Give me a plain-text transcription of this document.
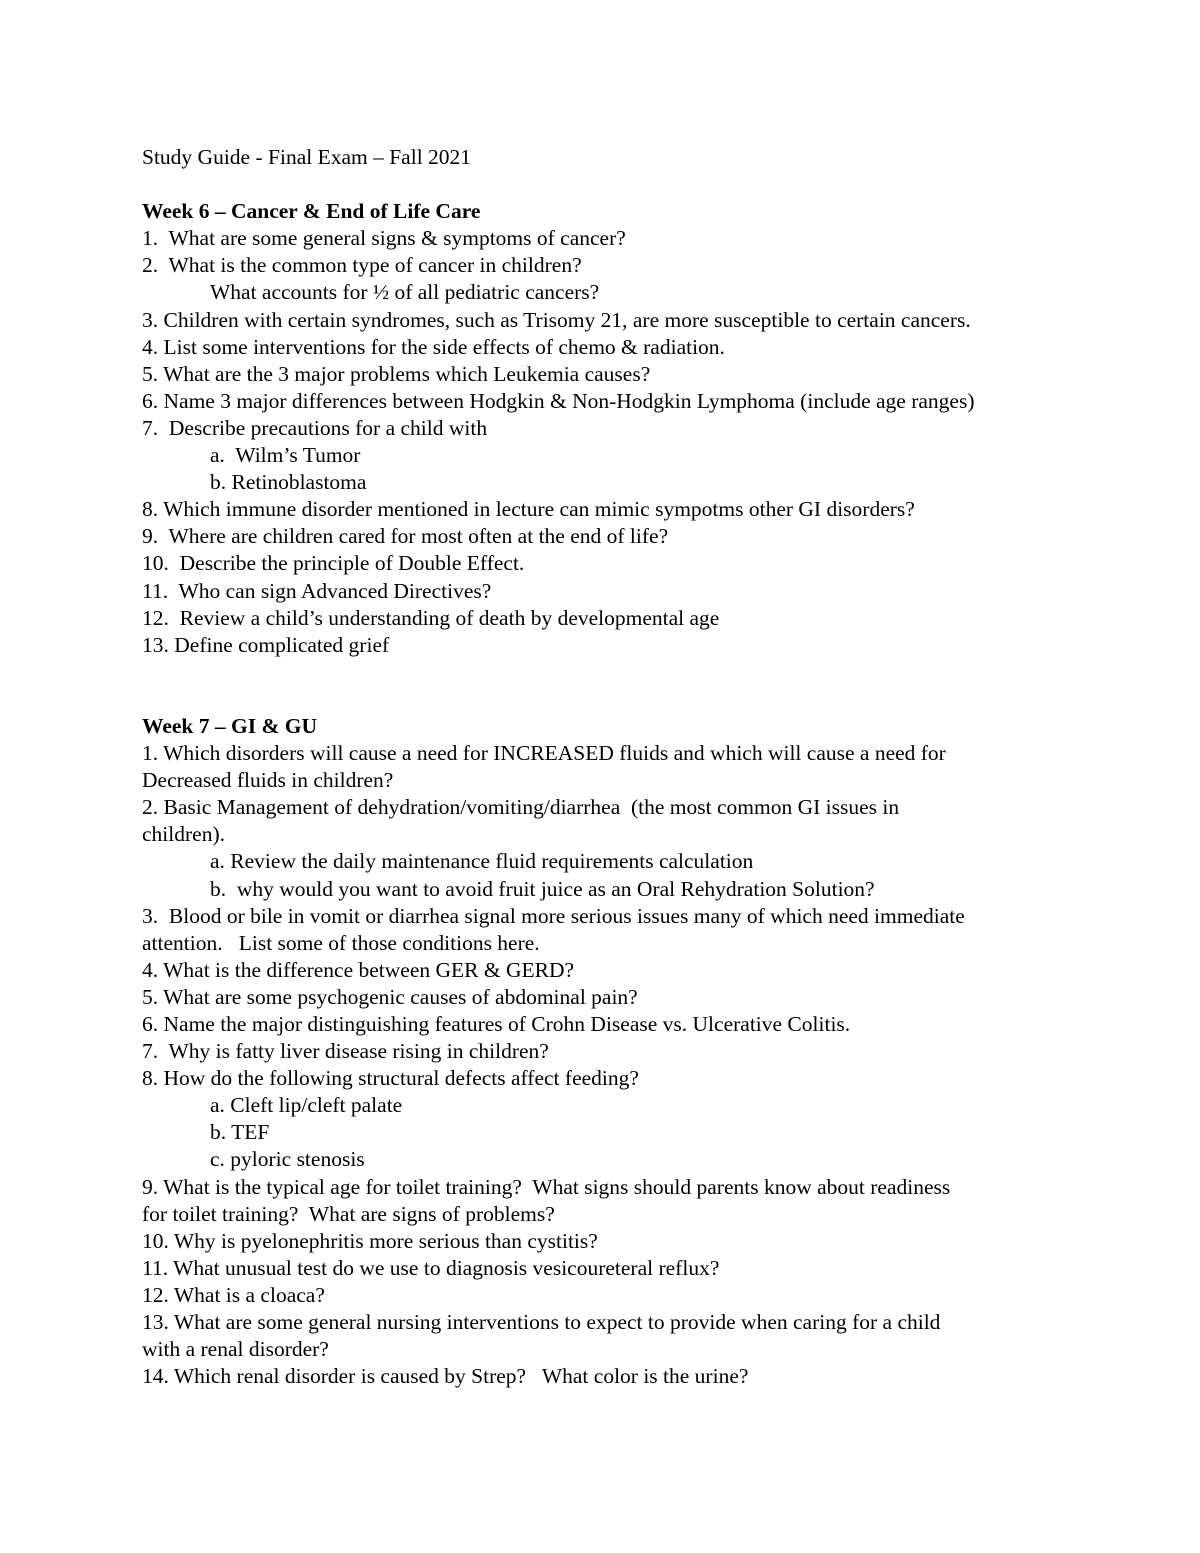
Study Guide - Final Exam – Fall 2021
Week 6 – Cancer & End of Life Care
1.  What are some general signs & symptoms of cancer?
2.  What is the common type of cancer in children?
What accounts for ½ of all pediatric cancers?
3. Children with certain syndromes, such as Trisomy 21, are more susceptible to certain cancers.
4. List some interventions for the side effects of chemo & radiation.
5. What are the 3 major problems which Leukemia causes?
6. Name 3 major differences between Hodgkin & Non-Hodgkin Lymphoma (include age ranges)
7.  Describe precautions for a child with
a.  Wilm’s Tumor
b. Retinoblastoma
8. Which immune disorder mentioned in lecture can mimic sympotms other GI disorders?
9.  Where are children cared for most often at the end of life?
10.  Describe the principle of Double Effect.
11.  Who can sign Advanced Directives?
12.  Review a child’s understanding of death by developmental age
13. Define complicated grief
Week 7 – GI & GU
1. Which disorders will cause a need for INCREASED fluids and which will cause a need for
Decreased fluids in children?
2. Basic Management of dehydration/vomiting/diarrhea  (the most common GI issues in
children).
a. Review the daily maintenance fluid requirements calculation
b.  why would you want to avoid fruit juice as an Oral Rehydration Solution?
3.  Blood or bile in vomit or diarrhea signal more serious issues many of which need immediate
attention.   List some of those conditions here.
4. What is the difference between GER & GERD?
5. What are some psychogenic causes of abdominal pain?
6. Name the major distinguishing features of Crohn Disease vs. Ulcerative Colitis.
7.  Why is fatty liver disease rising in children?
8. How do the following structural defects affect feeding?
a. Cleft lip/cleft palate
b. TEF
c. pyloric stenosis
9. What is the typical age for toilet training?  What signs should parents know about readiness
for toilet training?  What are signs of problems?
10. Why is pyelonephritis more serious than cystitis?
11. What unusual test do we use to diagnosis vesicoureteral reflux?
12. What is a cloaca?
13. What are some general nursing interventions to expect to provide when caring for a child
with a renal disorder?
14. Which renal disorder is caused by Strep?   What color is the urine?
